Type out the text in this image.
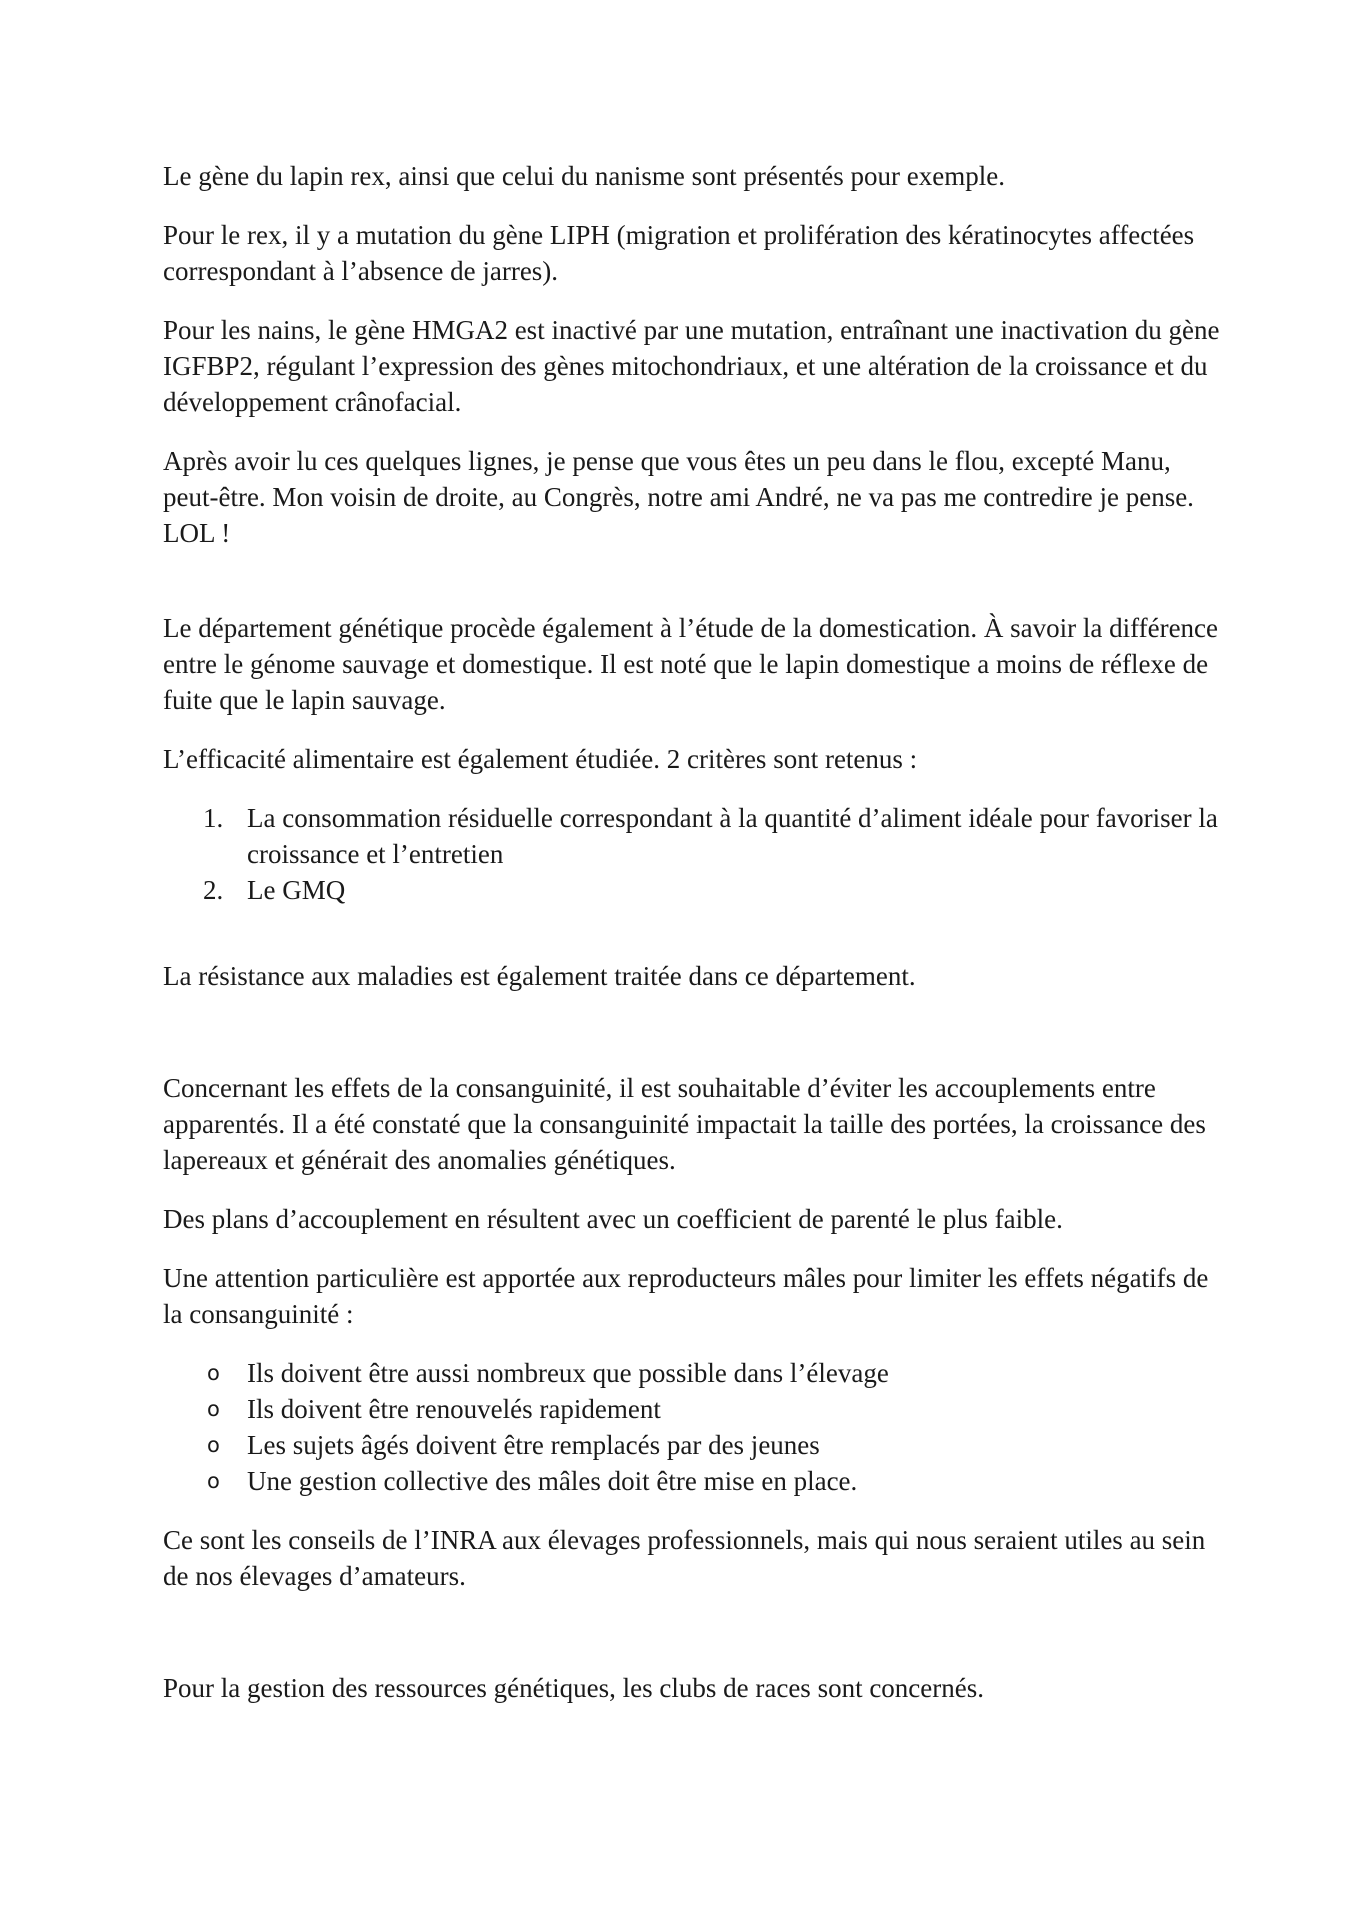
Le gène du lapin rex, ainsi que celui du nanisme sont présentés pour exemple.

Pour le rex, il y a mutation du gène LIPH (migration et prolifération des kératinocytes affectées correspondant à l’absence de jarres).

Pour les nains, le gène HMGA2 est inactivé par une mutation, entraînant une inactivation du gène IGFBP2, régulant l’expression des gènes mitochondriaux, et une altération de la croissance et du développement crânofacial.

Après avoir lu ces quelques lignes, je pense que vous êtes un peu dans le flou, excepté Manu, peut-être. Mon voisin de droite, au Congrès, notre ami André, ne va pas me contredire je pense. LOL !

Le département génétique procède également à l’étude de la domestication. À savoir la différence entre le génome sauvage et domestique. Il est noté que le lapin domestique a moins de réflexe de fuite que le lapin sauvage.

L’efficacité alimentaire est également étudiée. 2 critères sont retenus :

1. La consommation résiduelle correspondant à la quantité d’aliment idéale pour favoriser la croissance et l’entretien
2. Le GMQ

La résistance aux maladies est également traitée dans ce département.

Concernant les effets de la consanguinité, il est souhaitable d’éviter les accouplements entre apparentés. Il a été constaté que la consanguinité impactait la taille des portées, la croissance des lapereaux et générait des anomalies génétiques.

Des plans d’accouplement en résultent avec un coefficient de parenté le plus faible.

Une attention particulière est apportée aux reproducteurs mâles pour limiter les effets négatifs de la consanguinité :

o Ils doivent être aussi nombreux que possible dans l’élevage
o Ils doivent être renouvelés rapidement
o Les sujets âgés doivent être remplacés par des jeunes
o Une gestion collective des mâles doit être mise en place.

Ce sont les conseils de l’INRA aux élevages professionnels, mais qui nous seraient utiles au sein de nos élevages d’amateurs.

Pour la gestion des ressources génétiques, les clubs de races sont concernés.
